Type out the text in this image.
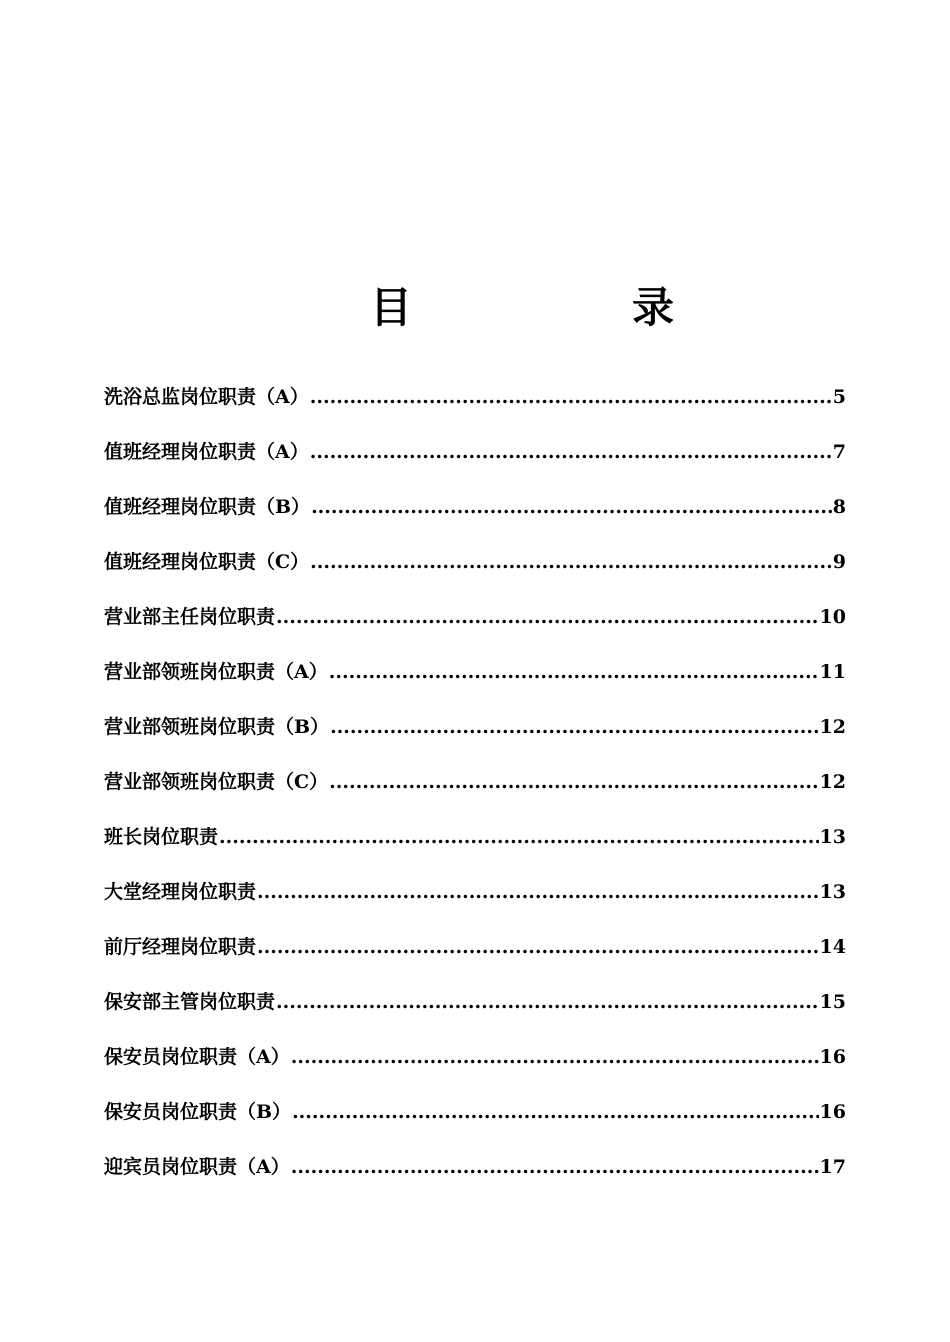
目	录
洗浴总监岗位职责（A） .....	5
值班经理岗位职责（A） .....	7
值班经理岗位职责（B） .....	8
值班经理岗位职责（C） .....	9
营业部主任岗位职责 .....	10
营业部领班岗位职责（A） .....	11
营业部领班岗位职责（B） .....	12
营业部领班岗位职责（C） .....	12
班长岗位职责 .....	13
大堂经理岗位职责 .....	13
前厅经理岗位职责 .....	14
保安部主管岗位职责 .....	15
保安员岗位职责（A） .....	16
保安员岗位职责（B） .....	16
迎宾员岗位职责（A） .....	17
